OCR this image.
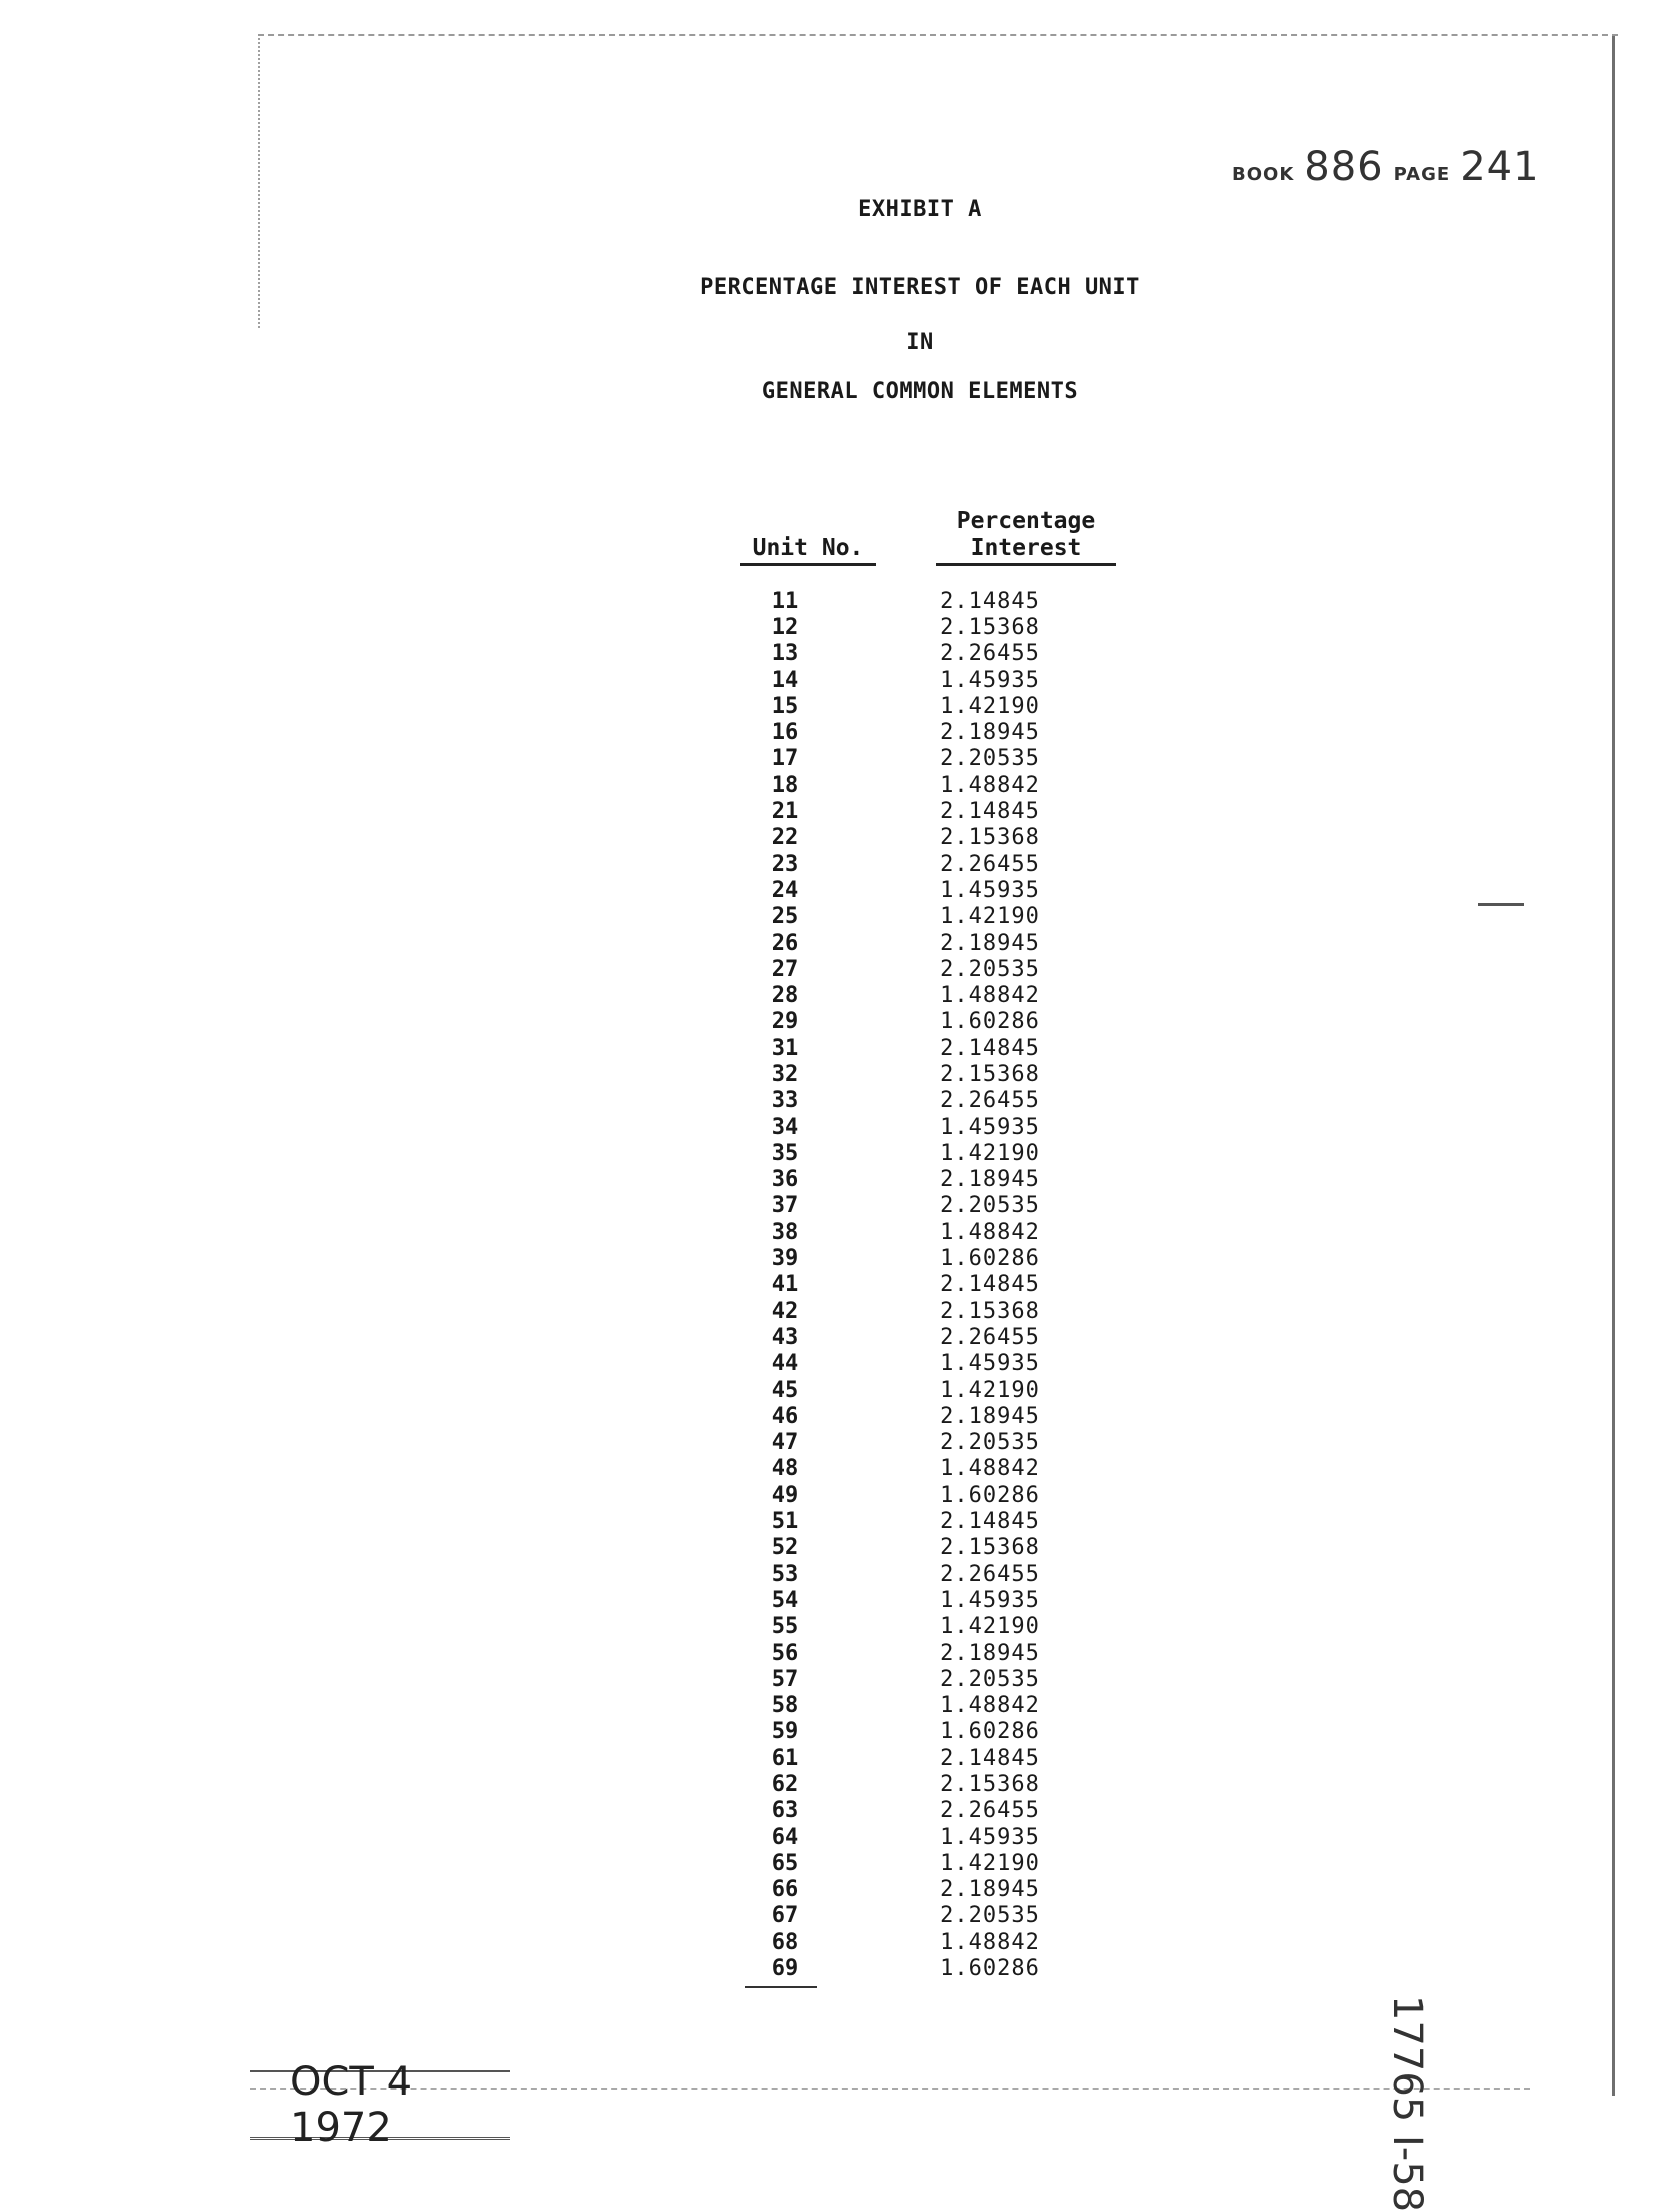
BOOK 886 PAGE 241
EXHIBIT A
PERCENTAGE INTEREST OF EACH UNIT
IN
GENERAL COMMON ELEMENTS
Unit No.
Percentage
Interest
11	2.14845
12	2.15368
13	2.26455
14	1.45935
15	1.42190
16	2.18945
17	2.20535
18	1.48842
21	2.14845
22	2.15368
23	2.26455
24	1.45935
25	1.42190
26	2.18945
27	2.20535
28	1.48842
29	1.60286
31	2.14845
32	2.15368
33	2.26455
34	1.45935
35	1.42190
36	2.18945
37	2.20535
38	1.48842
39	1.60286
41	2.14845
42	2.15368
43	2.26455
44	1.45935
45	1.42190
46	2.18945
47	2.20535
48	1.48842
49	1.60286
51	2.14845
52	2.15368
53	2.26455
54	1.45935
55	1.42190
56	2.18945
57	2.20535
58	1.48842
59	1.60286
61	2.14845
62	2.15368
63	2.26455
64	1.45935
65	1.42190
66	2.18945
67	2.20535
68	1.48842
69	1.60286
OCT 4 1972	17765 I-58
